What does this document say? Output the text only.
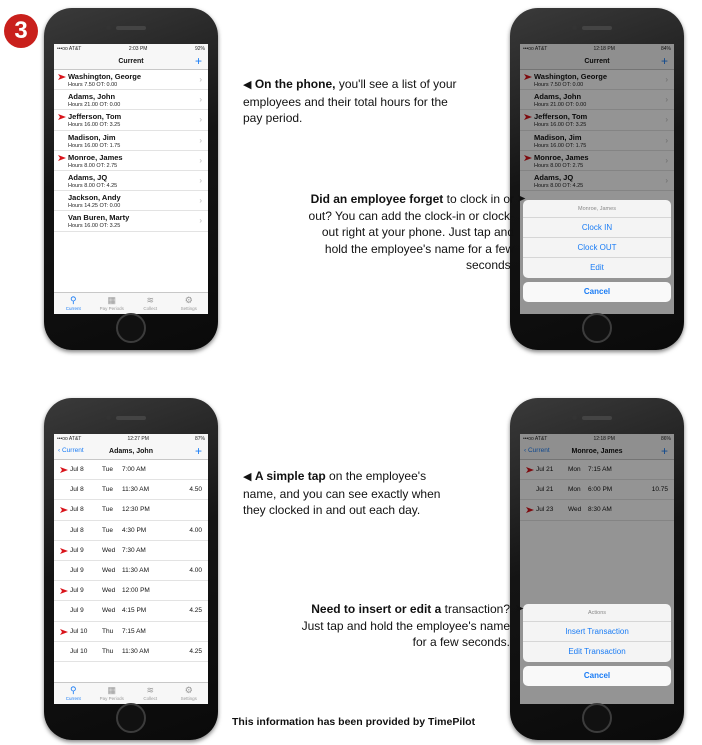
3
•••oo AT&T	2:03 PM	92%
Current	+
Washington, George
Hours 7.50 OT: 0.00
›
Adams, John
Hours 21.00 OT: 0.00
›
Jefferson, Tom
Hours 16.00 OT: 3.25
›
Madison, Jim
Hours 16.00 OT: 1.75
›
Monroe, James
Hours 8.00 OT: 2.75
›
Adams, JQ
Hours 8.00 OT: 4.25
›
Jackson, Andy
Hours 14.25 OT: 0.00
›
Van Buren, Marty
Hours 16.00 OT: 3.25
›
⚲
Current
▦
Pay Periods
≋
Collect
⚙
Settings
•••oo AT&T	12:18 PM	84%
Current	+
Washington, George
Hours 7.50 OT: 0.00
›
Adams, John
Hours 21.00 OT: 0.00
›
Jefferson, Tom
Hours 16.00 OT: 3.25
›
Madison, Jim
Hours 16.00 OT: 1.75
›
Monroe, James
Hours 8.00 OT: 2.75
›
Adams, JQ
Hours 8.00 OT: 4.25
›
Monroe, James
Clock IN
Clock OUT
Edit
Cancel
•••oo AT&T	12:27 PM	87%
‹ Current	Adams, John	+
Jul 8	Tue 7:00 AM
Jul 8	Tue 11:30 AM	4.50
Jul 8	Tue 12:30 PM
Jul 8	Tue 4:30 PM	4.00
Jul 9	Wed 7:30 AM
Jul 9	Wed 11:30 AM	4.00
Jul 9	Wed 12:00 PM
Jul 9	Wed 4:15 PM	4.25
Jul 10 Thu 7:15 AM
Jul 10 Thu 11:30 AM	4.25
⚲
Current
▦
Pay Periods
≋
Collect
⚙
Settings
•••oo AT&T	12:18 PM	86%
‹ Current	Monroe, James	+
Jul 21 Mon 7:15 AM
Jul 21 Mon 6:00 PM	10.75
Jul 23 Wed 8:30 AM
Actions
Insert Transaction
Edit Transaction
Cancel
◀ On the phone, you'll see a list of your employees and their total hours for the pay period.
Did an employee forget to clock in or out? You can add the clock-in or clock-out right at your phone. Just tap and hold the employee's name for a few seconds.
➤
◀ A simple tap on the employee's name, and you can see exactly when they clocked in and out each day.
Need to insert or edit a transaction? Just tap and hold the employee's name for a few seconds.
➤
This information has been provided by TimePilot
